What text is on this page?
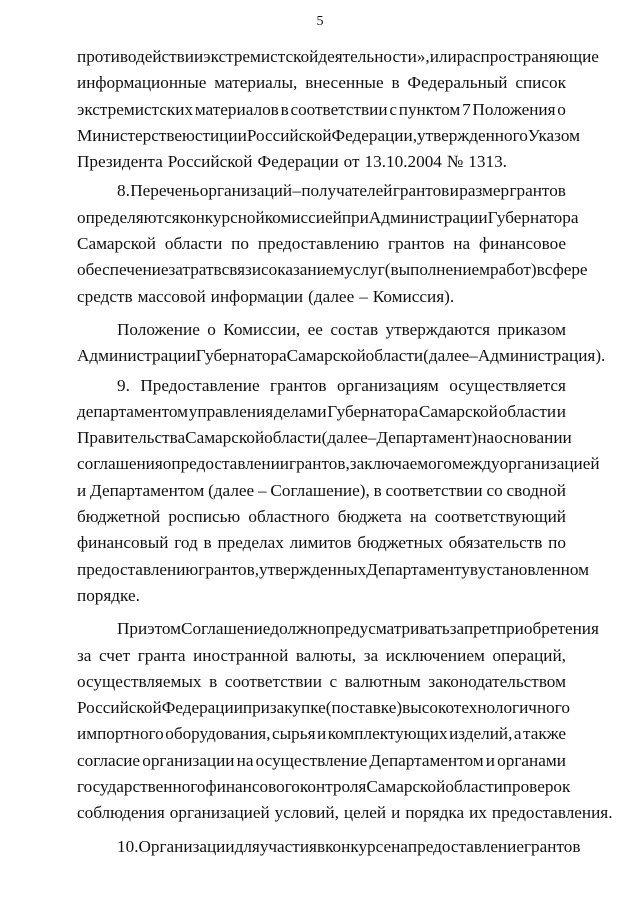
5
противодействии экстремистской деятельности», или распространяющие
информационные материалы, внесенные в Федеральный список
экстремистских материалов в соответствии с пунктом 7 Положения о
Министерстве юстиции Российской Федерации, утвержденного Указом
Президента Российской Федерации от 13.10.2004 № 1313.
8. Перечень организаций – получателей грантов и размер грантов
определяются конкурсной комиссией при Администрации Губернатора
Самарской области по предоставлению грантов на финансовое
обеспечение затрат в связи с оказанием услуг (выполнением работ) в сфере
средств массовой информации (далее – Комиссия).
Положение о Комиссии, ее состав утверждаются приказом
Администрации Губернатора Самарской области (далее – Администрация).
9. Предоставление грантов организациям осуществляется
департаментом управления делами Губернатора Самарской области и
Правительства Самарской области (далее – Департамент) на основании
соглашения о предоставлении грантов, заключаемого между организацией
и Департаментом (далее – Соглашение), в соответствии со сводной
бюджетной росписью областного бюджета на соответствующий
финансовый год в пределах лимитов бюджетных обязательств по
предоставлению грантов, утвержденных Департаменту в установленном
порядке.
При этом Соглашение должно предусматривать запрет приобретения
за счет гранта иностранной валюты, за исключением операций,
осуществляемых в соответствии с валютным законодательством
Российской Федерации при закупке (поставке) высокотехнологичного
импортного оборудования, сырья и комплектующих изделий, а также
согласие организации на осуществление Департаментом и органами
государственного финансового контроля Самарской области проверок
соблюдения организацией условий, целей и порядка их предоставления.
10. Организации для участия в конкурсе на предоставление грантов
